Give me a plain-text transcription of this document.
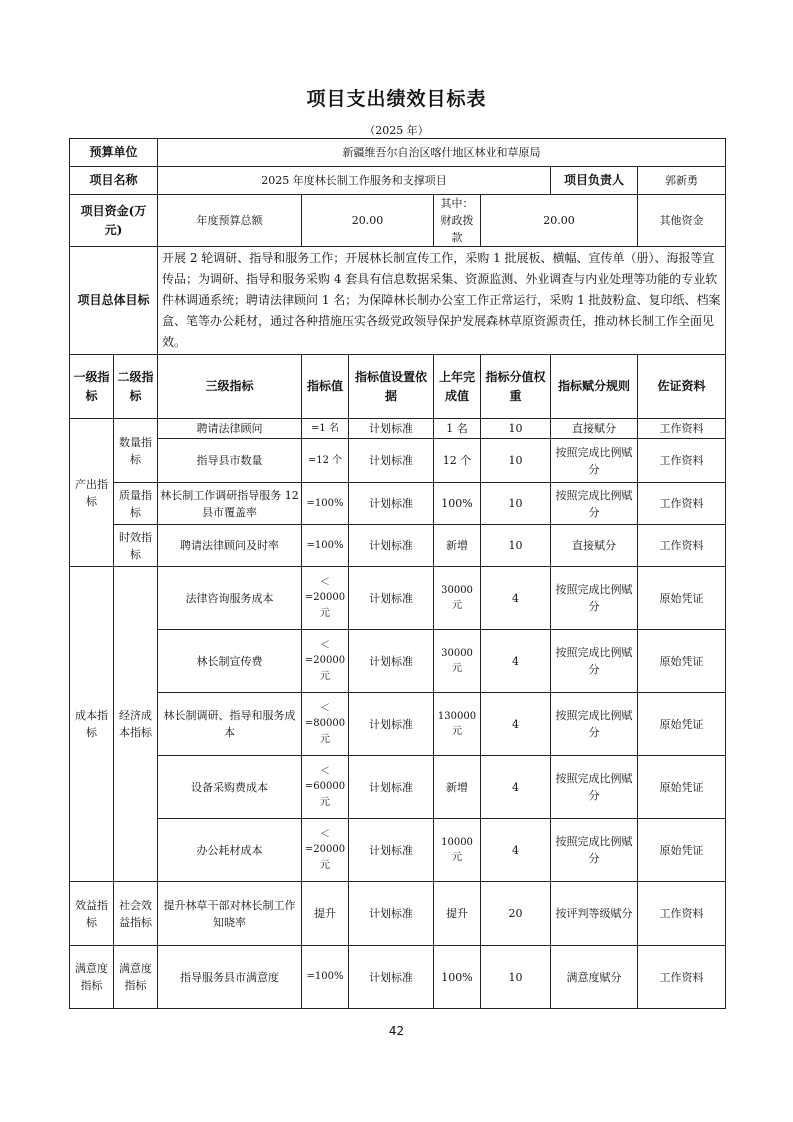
项目支出绩效目标表
（2025 年）
预算单位		新疆维吾尔自治区喀什地区林业和草原局							
项目名称		2025 年度林长制工作服务和支撑项目					项目负责人	郭新勇	
项目资金(万元)		年度预算总额	20.00		其中：财政拨款	20.00		其他资金	
项目总体目标		开展 2 轮调研、指导和服务工作；开展林长制宣传工作，采购 1 批展板、横幅、宣传单（册）、海报等宣传品；为调研、指导和服务采购 4 套具有信息数据采集、资源监测、外业调查与内业处理等功能的专业软件林调通系统；聘请法律顾问 1 名；为保障林长制办公室工作正常运行，采购 1 批鼓粉盒、复印纸、档案盒、笔等办公耗材，通过各种措施压实各级党政领导保护发展森林草原资源责任，推动林长制工作全面见效。							
一级指标	二级指标	三级指标	指标值	指标值设置依据	上年完成值	指标分值权重	指标赋分规则	佐证资料	
产出指标	数量指标	聘请法律顾问	=1 名	计划标准	1 名	10	直接赋分	工作资料	
		指导县市数量	=12 个	计划标准	12 个	10	按照完成比例赋分	工作资料	
	质量指标	林长制工作调研指导服务 12 县市覆盖率	=100%	计划标准	100%	10	按照完成比例赋分	工作资料	
	时效指标	聘请法律顾问及时率	=100%	计划标准	新增	10	直接赋分	工作资料	

成本指标	经济成本指标	法律咨询服务成本	＜=20000 元	计划标准	30000 元	4	按照完成比例赋分	原始凭证	
		林长制宣传费	＜=20000 元	计划标准	30000 元	4	按照完成比例赋分	原始凭证	
		林长制调研、指导和服务成本	＜=80000 元	计划标准	130000 元	4	按照完成比例赋分	原始凭证	
		设备采购费成本	＜=60000 元	计划标准	新增	4	按照完成比例赋分	原始凭证	
		办公耗材成本	＜=20000 元	计划标准	10000 元	4	按照完成比例赋分	原始凭证	
效益指标	社会效益指标	提升林草干部对林长制工作知晓率	提升	计划标准	提升	20	按评判等级赋分	工作资料	
满意度指标	满意度指标	指导服务县市满意度	=100%	计划标准	100%	10	满意度赋分	工作资料	
42
